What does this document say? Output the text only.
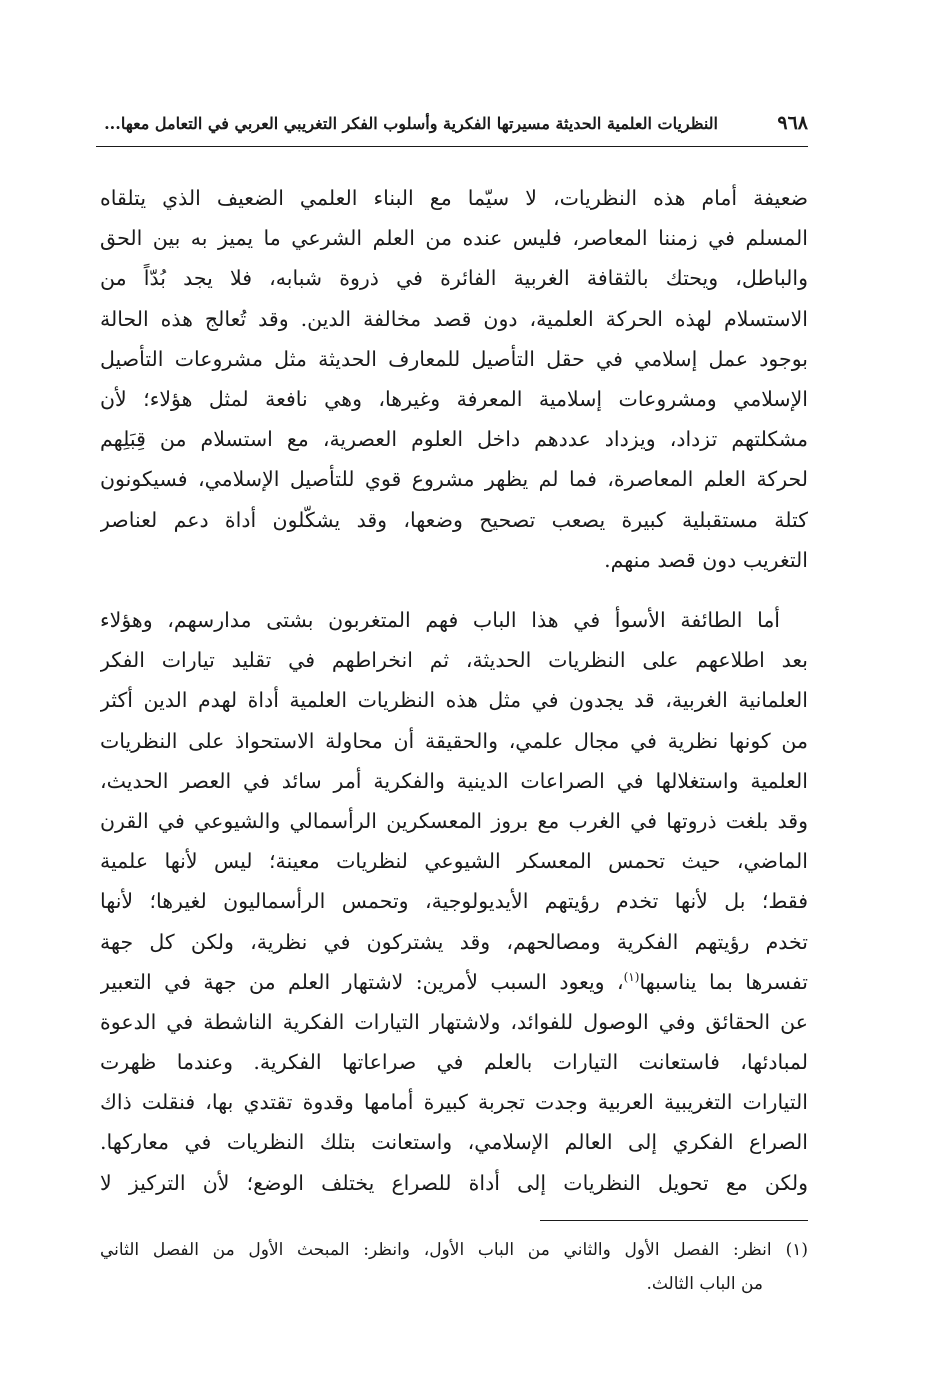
٩٦٨
النظريات العلمية الحديثة مسيرتها الفكرية وأسلوب الفكر التغريبي العربي في التعامل معها...
ضعيفة أمام هذه النظريات، لا سيّما مع البناء العلمي الضعيف الذي يتلقاه
المسلم في زمننا المعاصر، فليس عنده من العلم الشرعي ما يميز به بين الحق
والباطل، ويحتك بالثقافة الغربية الفائرة في ذروة شبابه، فلا يجد بُدّاً من
الاستسلام لهذه الحركة العلمية، دون قصد مخالفة الدين. وقد تُعالج هذه الحالة
بوجود عمل إسلامي في حقل التأصيل للمعارف الحديثة مثل مشروعات التأصيل
الإسلامي ومشروعات إسلامية المعرفة وغيرها، وهي نافعة لمثل هؤلاء؛ لأن
مشكلتهم تزداد، ويزداد عددهم داخل العلوم العصرية، مع استسلام من قِبَلِهم
لحركة العلم المعاصرة، فما لم يظهر مشروع قوي للتأصيل الإسلامي، فسيكونون
كتلة مستقبلية كبيرة يصعب تصحيح وضعها، وقد يشكّلون أداة دعم لعناصر
التغريب دون قصد منهم.
أما الطائفة الأسوأ في هذا الباب فهم المتغربون بشتى مدارسهم، وهؤلاء
بعد اطلاعهم على النظريات الحديثة، ثم انخراطهم في تقليد تيارات الفكر
العلمانية الغربية، قد يجدون في مثل هذه النظريات العلمية أداة لهدم الدين أكثر
من كونها نظرية في مجال علمي، والحقيقة أن محاولة الاستحواذ على النظريات
العلمية واستغلالها في الصراعات الدينية والفكرية أمر سائد في العصر الحديث،
وقد بلغت ذروتها في الغرب مع بروز المعسكرين الرأسمالي والشيوعي في القرن
الماضي، حيث تحمس المعسكر الشيوعي لنظريات معينة؛ ليس لأنها علمية
فقط؛ بل لأنها تخدم رؤيتهم الأيديولوجية، وتحمس الرأسماليون لغيرها؛ لأنها
تخدم رؤيتهم الفكرية ومصالحهم، وقد يشتركون في نظرية، ولكن كل جهة
تفسرها بما يناسبها$^{(١)}$، ويعود السبب لأمرين: لاشتهار العلم من جهة في التعبير
عن الحقائق وفي الوصول للفوائد، ولاشتهار التيارات الفكرية الناشطة في الدعوة
لمبادئها، فاستعانت التيارات بالعلم في صراعاتها الفكرية. وعندما ظهرت
التيارات التغريبية العربية وجدت تجربة كبيرة أمامها وقدوة تقتدي بها، فنقلت ذاك
الصراع الفكري إلى العالم الإسلامي، واستعانت بتلك النظريات في معاركها.
ولكن مع تحويل النظريات إلى أداة للصراع يختلف الوضع؛ لأن التركيز لا
(١)انظر: الفصل الأول والثاني من الباب الأول، وانظر: المبحث الأول من الفصل الثاني
من الباب الثالث.
